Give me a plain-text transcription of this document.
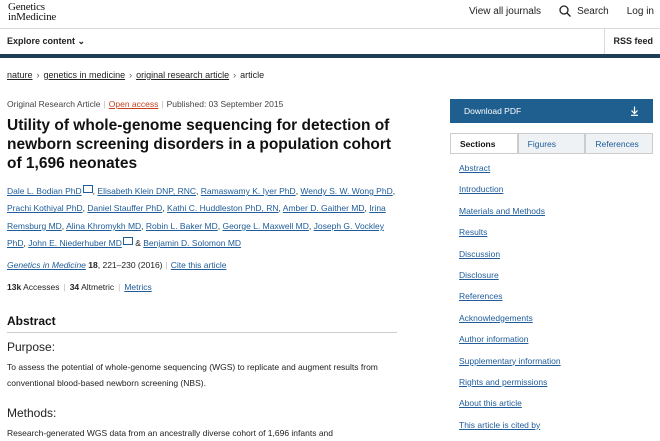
Genetics
inMedicine	View all journals	Search Log in
Explore content ⌄	RSS feed
nature › genetics in medicine › original research article › article
Original Research Article | Open access | Published: 03 September 2015
Utility of whole-genome sequencing for detection of newborn screening disorders in a population cohort of 1,696 neonates
Dale L. Bodian PhD , Elisabeth Klein DNP, RNC, Ramaswamy K. Iyer PhD, Wendy S. W. Wong PhD, Prachi Kothiyal PhD, Daniel Stauffer PhD, Kathi C. Huddleston PhD, RN, Amber D. Gaither MD, Irina Remsburg MD, Alina Khromykh MD, Robin L. Baker MD, George L. Maxwell MD, Joseph G. Vockley PhD, John E. Niederhuber MD & Benjamin D. Solomon MD
Genetics in Medicine 18, 221–230 (2016) | Cite this article
13k Accesses | 34 Altmetric | Metrics
Abstract
Purpose:
To assess the potential of whole-genome sequencing (WGS) to replicate and augment results from conventional blood-based newborn screening (NBS).
Methods:
Research-generated WGS data from an ancestrally diverse cohort of 1,696 infants and
Download PDF
Sections	Figures	References
Abstract
Introduction
Materials and Methods
Results
Discussion
Disclosure
References
Acknowledgements
Author information
Supplementary information
Rights and permissions
About this article
This article is cited by
